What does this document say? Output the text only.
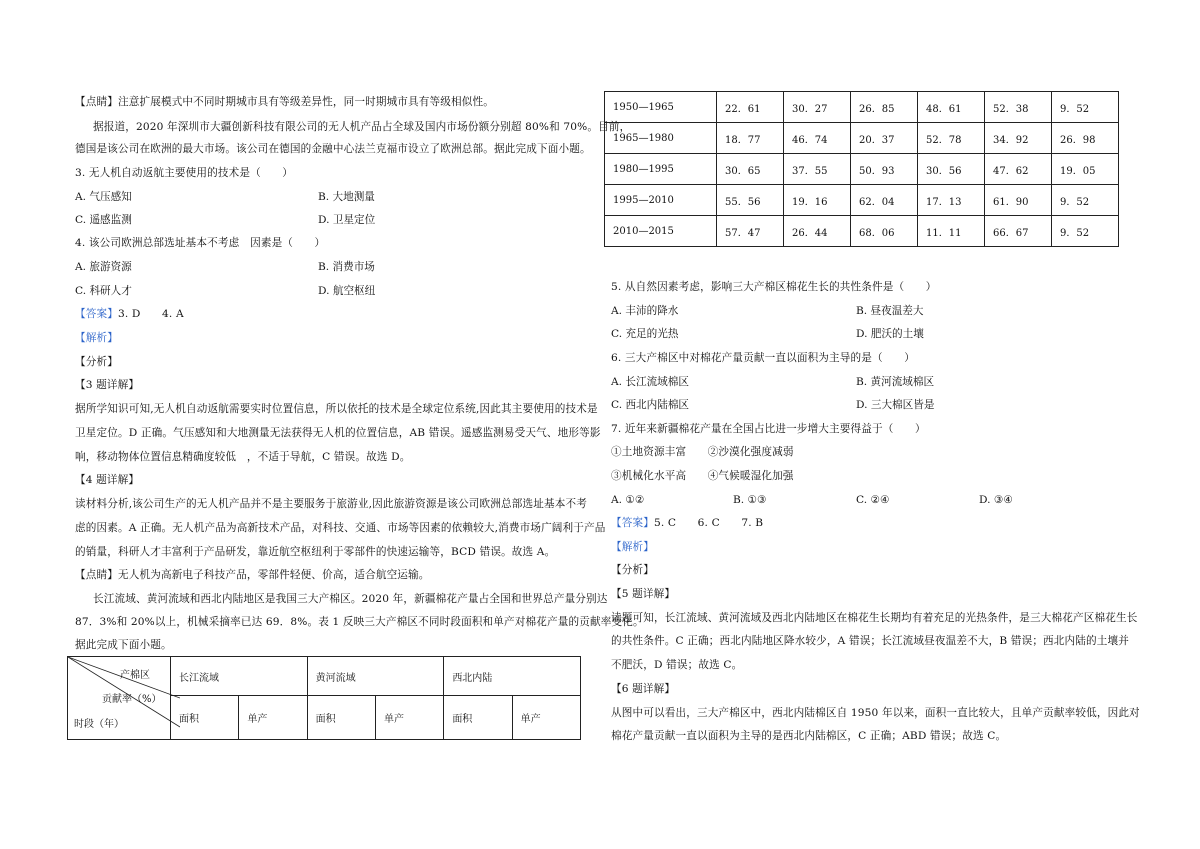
【点睛】注意扩展模式中不同时期城市具有等级差异性，同一时期城市具有等级相似性。
据报道，2020 年深圳市大疆创新科技有限公司的无人机产品占全球及国内市场份额分别超 80%和 70%。目前，
德国是该公司在欧洲的最大市场。该公司在德国的金融中心法兰克福市设立了欧洲总部。据此完成下面小题。
3. 无人机自动返航主要使用的技术是（　　）
A. 气压感知	B. 大地测量
C. 遥感监测	D. 卫星定位
4. 该公司欧洲总部选址基本不考虑　因素是（　　）
A. 旅游资源	B. 消费市场
C. 科研人才	D. 航空枢纽
【答案】3. D　　4. A
【解析】
【分析】
【3 题详解】
据所学知识可知,无人机自动返航需要实时位置信息，所以依托的技术是全球定位系统,因此其主要使用的技术是
卫星定位。D 正确。气压感知和大地测量无法获得无人机的位置信息，AB 错误。遥感监测易受天气、地形等影
响，移动物体位置信息精确度较低　，不适于导航，C 错误。故选 D。
【4 题详解】
读材料分析,该公司生产的无人机产品并不是主要服务于旅游业,因此旅游资源是该公司欧洲总部选址基本不考
虑的因素。A 正确。无人机产品为高新技术产品，对科技、交通、市场等因素的依赖较大,消费市场广阔利于产品
的销量，科研人才丰富利于产品研发，靠近航空枢纽利于零部件的快速运输等，BCD 错误。故选 A。
【点睛】无人机为高新电子科技产品，零部件轻便、价高，适合航空运输。
长江流域、黄河流域和西北内陆地区是我国三大产棉区。2020 年，新疆棉花产量占全国和世界总产量分别达
87．3%和 20%以上，机械采摘率已达 69．8%。表 1 反映三大产棉区不同时段面积和单产对棉花产量的贡献率变化。
据此完成下面小题。
产棉区
贡献率（%）
时段（年）	长江流域		黄河流域		西北内陆	
	面积	单产	面积	单产	面积	单产
1950—1965	22．61	30．27	26．85	48．61	52．38	9．52
1965—1980	18．77	46．74	20．37	52．78	34．92	26．98
1980—1995	30．65	37．55	50．93	30．56	47．62	19．05
1995—2010	55．56	19．16	62．04	17．13	61．90	9．52
2010—2015	57．47	26．44	68．06	11．11	66．67	9．52
5. 从自然因素考虑，影响三大产棉区棉花生长的共性条件是（　　）
A. 丰沛的降水	B. 昼夜温差大
C. 充足的光热	D. 肥沃的土壤
6. 三大产棉区中对棉花产量贡献一直以面积为主导的是（　　）
A. 长江流域棉区	B. 黄河流域棉区
C. 西北内陆棉区	D. 三大棉区皆是
7. 近年来新疆棉花产量在全国占比进一步增大主要得益于（　　）
①土地资源丰富　　②沙漠化强度减弱
③机械化水平高　　④气候暖湿化加强
A. ①②	B. ①③	C. ②④	D. ③④
【答案】5. C　　6. C　　7. B
【解析】
【分析】
【5 题详解】
读题可知，长江流域、黄河流域及西北内陆地区在棉花生长期均有着充足的光热条件，是三大棉花产区棉花生长
的共性条件。C 正确；西北内陆地区降水较少，A 错误；长江流域昼夜温差不大，B 错误；西北内陆的土壤并
不肥沃，D 错误；故选 C。
【6 题详解】
从图中可以看出，三大产棉区中，西北内陆棉区自 1950 年以来，面积一直比较大，且单产贡献率较低，因此对
棉花产量贡献一直以面积为主导的是西北内陆棉区，C 正确；ABD 错误；故选 C。
